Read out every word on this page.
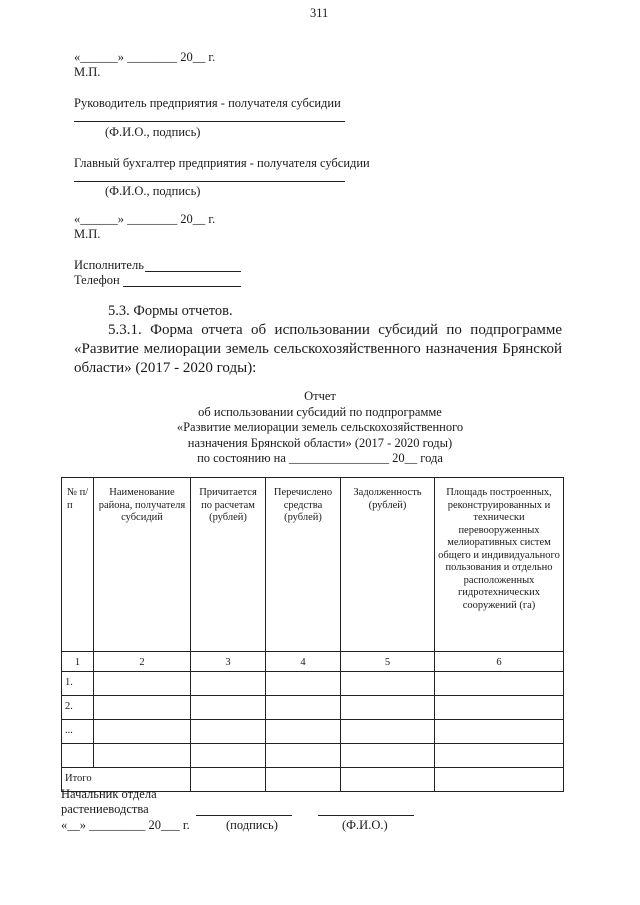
311
«______» ________ 20__ г.
М.П.
Руководитель предприятия - получателя субсидии
(Ф.И.О., подпись)
Главный бухгалтер предприятия - получателя субсидии
(Ф.И.О., подпись)
«______» ________ 20__ г.
М.П.
Исполнитель
Телефон
5.3. Формы отчетов.
5.3.1. Форма отчета об использовании субсидий по подпрограмме
«Развитие мелиорации земель сельскохозяйственного назначения Брянской
области» (2017 - 2020 годы):
Отчет
об использовании субсидий по подпрограмме
«Развитие мелиорации земель сельскохозяйственного
назначения Брянской области» (2017 - 2020 годы)
по состоянию на ________________ 20__ года
№ п/п	Наименование района, получателя субсидий	Причитается по расчетам (рублей)	Перечислено средства (рублей)	Задолженность (рублей)	Площадь построенных, реконструированных и технически перевооруженных мелиоративных систем общего и индивидуального пользования и отдельно расположенных гидротехнических сооружений (га)
1	2	3	4	5	6
1.					
2.					
...					

Итого					
Начальник отдела
растениеводства
«__» _________ 20___ г.	(подпись)	(Ф.И.О.)
